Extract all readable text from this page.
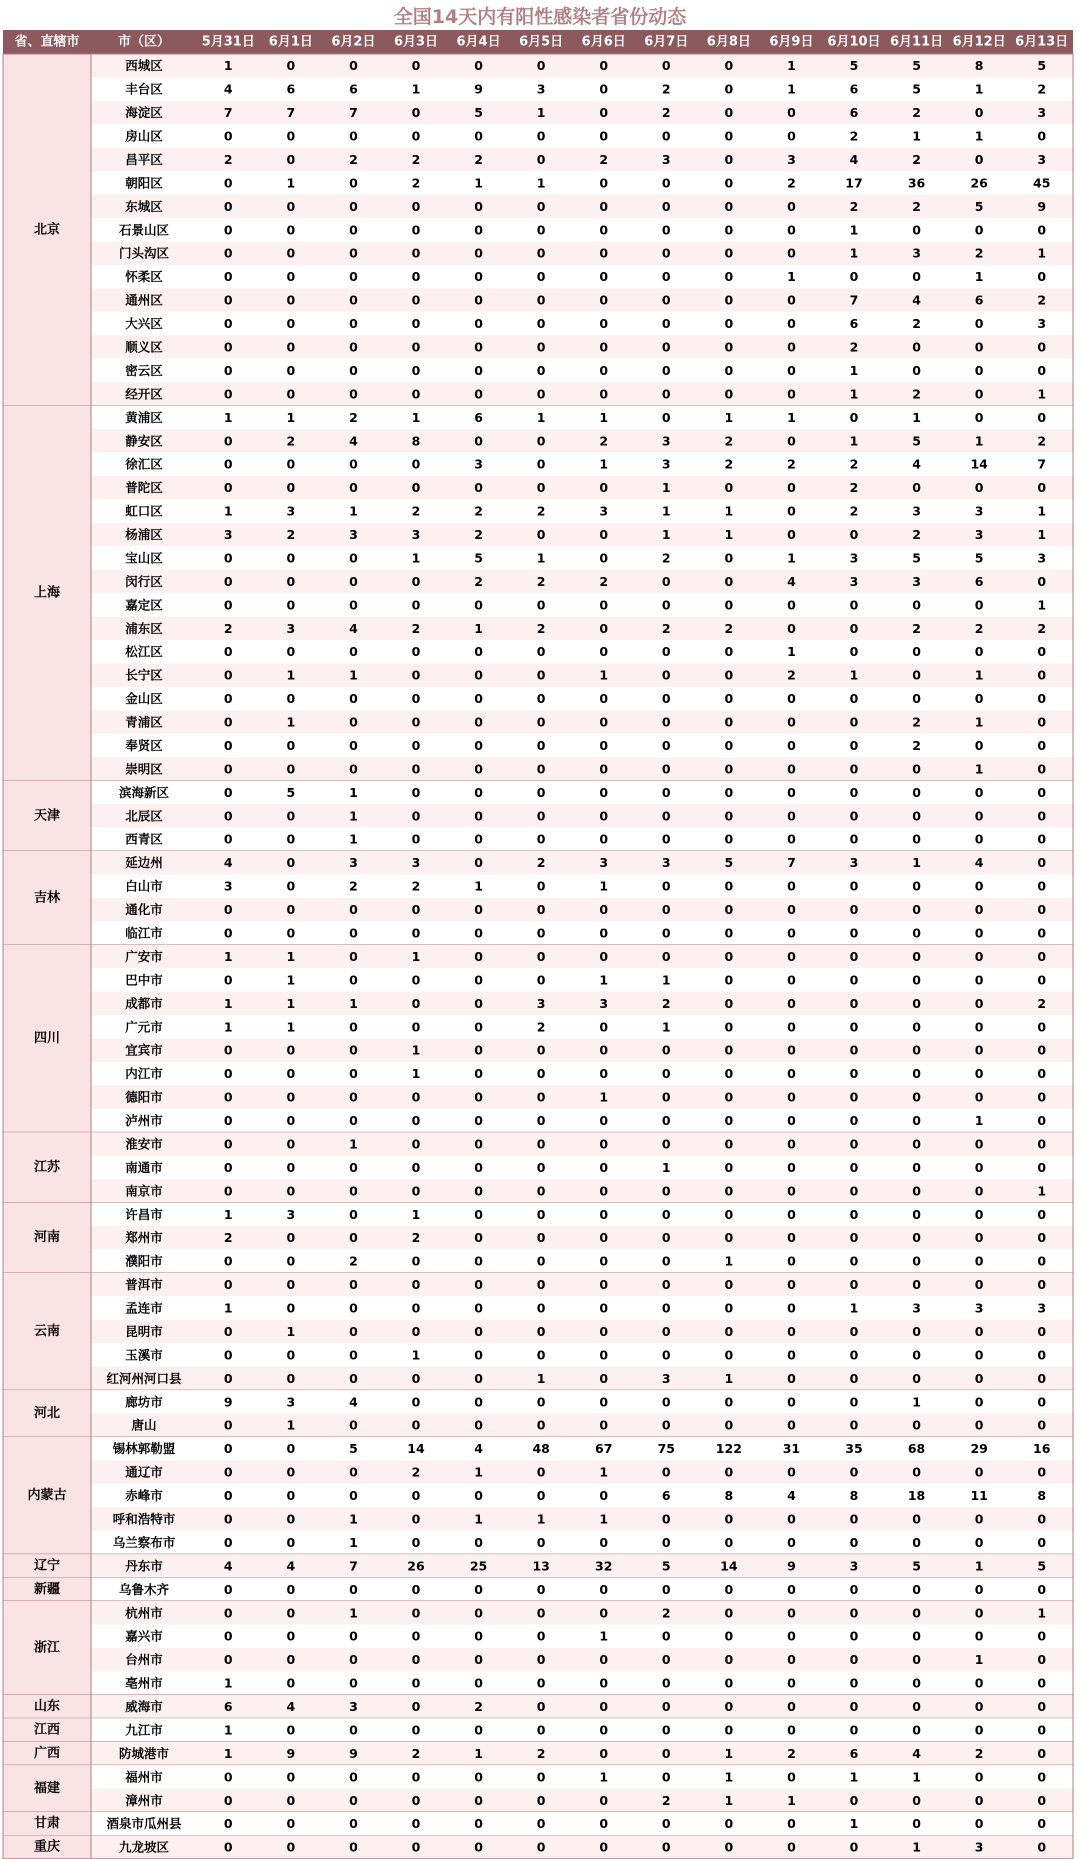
全国14天内有阳性感染者省份动态
省、直辖市	市（区） 5月31日 6月1日 6月2日 6月3日 6月4日 6月5日 6月6日 6月7日 6月8日 6月9日 6月10日 6月11日 6月12日 6月13日
北京
西城区	1	0	0	0	0	0	0	0	0	1	5	5	8	5
丰台区	4	6	6	1	9	3	0	2	0	1	6	5	1	2
海淀区	7	7	7	0	5	1	0	2	0	0	6	2	0	3
房山区	0	0	0	0	0	0	0	0	0	0	2	1	1	0
昌平区	2	0	2	2	2	0	2	3	0	3	4	2	0	3
朝阳区	0	1	0	2	1	1	0	0	0	2	17	36	26	45
东城区	0	0	0	0	0	0	0	0	0	0	2	2	5	9
石景山区	0	0	0	0	0	0	0	0	0	0	1	0	0	0
门头沟区	0	0	0	0	0	0	0	0	0	0	1	3	2	1
怀柔区	0	0	0	0	0	0	0	0	0	1	0	0	1	0
通州区	0	0	0	0	0	0	0	0	0	0	7	4	6	2
大兴区	0	0	0	0	0	0	0	0	0	0	6	2	0	3
顺义区	0	0	0	0	0	0	0	0	0	0	2	0	0	0
密云区	0	0	0	0	0	0	0	0	0	0	1	0	0	0
经开区	0	0	0	0	0	0	0	0	0	0	1	2	0	1
上海
黄浦区	1	1	2	1	6	1	1	0	1	1	0	1	0	0
静安区	0	2	4	8	0	0	2	3	2	0	1	5	1	2
徐汇区	0	0	0	0	3	0	1	3	2	2	2	4	14	7
普陀区	0	0	0	0	0	0	0	1	0	0	2	0	0	0
虹口区	1	3	1	2	2	2	3	1	1	0	2	3	3	1
杨浦区	3	2	3	3	2	0	0	1	1	0	0	2	3	1
宝山区	0	0	0	1	5	1	0	2	0	1	3	5	5	3
闵行区	0	0	0	0	2	2	2	0	0	4	3	3	6	0
嘉定区	0	0	0	0	0	0	0	0	0	0	0	0	0	1
浦东区	2	3	4	2	1	2	0	2	2	0	0	2	2	2
松江区	0	0	0	0	0	0	0	0	0	1	0	0	0	0
长宁区	0	1	1	0	0	0	1	0	0	2	1	0	1	0
金山区	0	0	0	0	0	0	0	0	0	0	0	0	0	0
青浦区	0	1	0	0	0	0	0	0	0	0	0	2	1	0
奉贤区	0	0	0	0	0	0	0	0	0	0	0	2	0	0
崇明区	0	0	0	0	0	0	0	0	0	0	0	0	1	0
天津
滨海新区	0	5	1	0	0	0	0	0	0	0	0	0	0	0
北辰区	0	0	1	0	0	0	0	0	0	0	0	0	0	0
西青区	0	0	1	0	0	0	0	0	0	0	0	0	0	0
吉林
延边州	4	0	3	3	0	2	3	3	5	7	3	1	4	0
白山市	3	0	2	2	1	0	1	0	0	0	0	0	0	0
通化市	0	0	0	0	0	0	0	0	0	0	0	0	0	0
临江市	0	0	0	0	0	0	0	0	0	0	0	0	0	0
四川
广安市	1	1	0	1	0	0	0	0	0	0	0	0	0	0
巴中市	0	1	0	0	0	0	1	1	0	0	0	0	0	0
成都市	1	1	1	0	0	3	3	2	0	0	0	0	0	2
广元市	1	1	0	0	0	2	0	1	0	0	0	0	0	0
宜宾市	0	0	0	1	0	0	0	0	0	0	0	0	0	0
内江市	0	0	0	1	0	0	0	0	0	0	0	0	0	0
德阳市	0	0	0	0	0	0	1	0	0	0	0	0	0	0
泸州市	0	0	0	0	0	0	0	0	0	0	0	0	1	0
江苏
淮安市	0	0	1	0	0	0	0	0	0	0	0	0	0	0
南通市	0	0	0	0	0	0	0	1	0	0	0	0	0	0
南京市	0	0	0	0	0	0	0	0	0	0	0	0	0	1
河南
许昌市	1	3	0	1	0	0	0	0	0	0	0	0	0	0
郑州市	2	0	0	2	0	0	0	0	0	0	0	0	0	0
濮阳市	0	0	2	0	0	0	0	0	1	0	0	0	0	0
云南
普洱市	0	0	0	0	0	0	0	0	0	0	0	0	0	0
孟连市	1	0	0	0	0	0	0	0	0	0	1	3	3	3
昆明市	0	1	0	0	0	0	0	0	0	0	0	0	0	0
玉溪市	0	0	0	1	0	0	0	0	0	0	0	0	0	0
红河州河口县	0	0	0	0	0	1	0	3	1	0	0	0	0	0
河北
廊坊市	9	3	4	0	0	0	0	0	0	0	0	1	0	0
唐山	0	1	0	0	0	0	0	0	0	0	0	0	0	0
内蒙古
锡林郭勒盟	0	0	5	14	4	48	67	75	122	31	35	68	29	16
通辽市	0	0	0	2	1	0	1	0	0	0	0	0	0	0
赤峰市	0	0	0	0	0	0	0	6	8	4	8	18	11	8
呼和浩特市	0	0	1	0	1	1	1	0	0	0	0	0	0	0
乌兰察布市	0	0	1	0	0	0	0	0	0	0	0	0	0	0
辽宁	丹东市	4	4	7	26	25	13	32	5	14	9	3	5	1	5
新疆	乌鲁木齐	0	0	0	0	0	0	0	0	0	0	0	0	0	0
浙江
杭州市	0	0	1	0	0	0	0	2	0	0	0	0	0	1
嘉兴市	0	0	0	0	0	0	1	0	0	0	0	0	0	0
台州市	0	0	0	0	0	0	0	0	0	0	0	0	1	0
亳州市	1	0	0	0	0	0	0	0	0	0	0	0	0	0
山东	威海市	6	4	3	0	2	0	0	0	0	0	0	0	0	0
江西	九江市	1	0	0	0	0	0	0	0	0	0	0	0	0	0
广西	防城港市	1	9	9	2	1	2	0	0	1	2	6	4	2	0
福建
福州市	0	0	0	0	0	0	1	0	1	0	1	1	0	0
漳州市	0	0	0	0	0	0	0	2	1	1	0	0	0	0
甘肃	酒泉市瓜州县	0	0	0	0	0	0	0	0	0	0	1	0	0	0
重庆	九龙坡区	0	0	0	0	0	0	0	0	0	0	0	1	3	0
